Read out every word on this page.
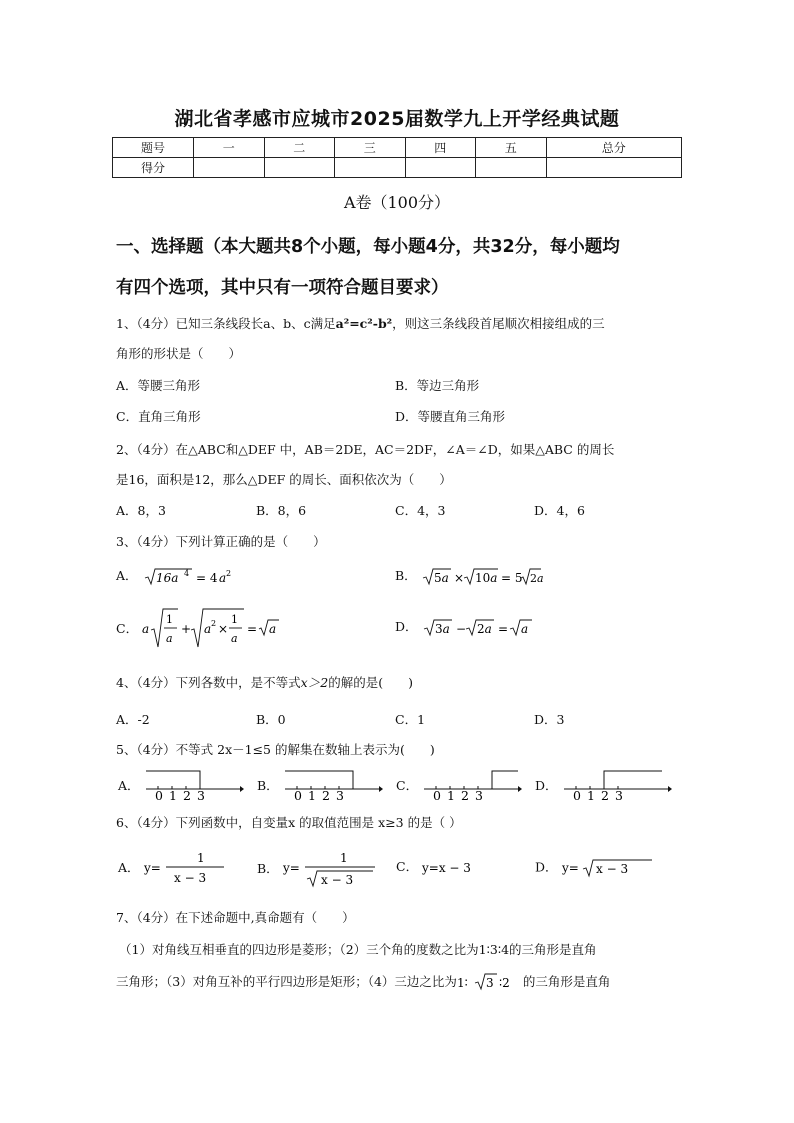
湖北省孝感市应城市2025届数学九上开学经典试题
题号	一	二	三	四	五	总分
得分						
A卷（100分）
一、选择题（本大题共8个小题，每小题4分，共32分，每小题均
有四个选项，其中只有一项符合题目要求）
1、（4分）已知三条线段长a、b、c满足a²=c²-b²，则这三条线段首尾顺次相接组成的三
角形的形状是（　　）
A．等腰三角形	B．等边三角形
C．直角三角形	D．等腰直角三角形
2、（4分）在△ABC和△DEF 中，AB＝2DE，AC＝2DF，∠A＝∠D，如果△ABC 的周长
是16，面积是12，那么△DEF 的周长、面积依次为（　　）
A．8，3	B．8，6	C．4，3	D．4，6
3、（4分）下列计算正确的是（　　）
A． 16a 4 = 4 a 2	B． 5a × 10a = 5 2a
C． a
1
a
+ a 2 ×
1
a
= a	D． 3a − 2a = a
4、（4分）下列各数中，是不等式x＞2的解的是(　　)
A．-2	B．0	C．1	D．3
5、（4分）不等式 2x－1≤5 的解集在数轴上表示为(　　)
A．
0 1 2 3
B．
0 1 2 3
C．
0 1 2 3
D．
0 1 2 3
6、（4分）下列函数中，自变量x 的取值范围是 x≥3 的是（ ）
A． y=
1
x − 3
B． y=
1
x − 3
C． y=x − 3	D． y= x − 3
7、（4分）在下述命题中,真命题有（　　）
（1）对角线互相垂直的四边形是菱形；（2）三个角的度数之比为1∶3∶4的三角形是直角
三角形；（3）对角互补的平行四边形是矩形；（4）三边之比为 1∶ 3 ∶2 的三角形是直角
